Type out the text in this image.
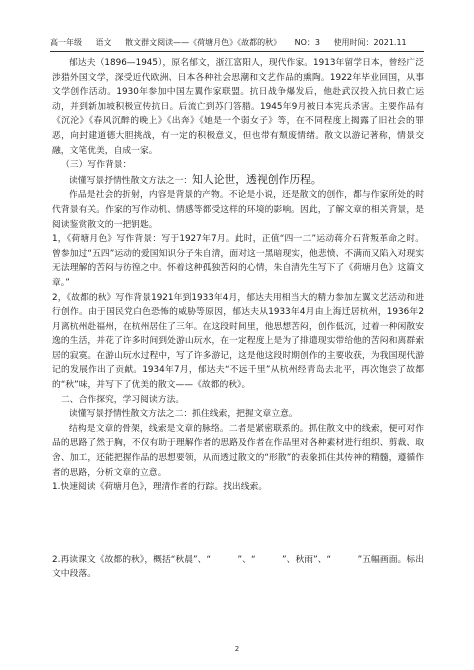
高一年级 语文 散文群文阅读——《荷塘月色》《故都的秋》 NO：3 使用时间：2021.11

郁达夫（1896—1945），原名郁文，浙江富阳人，现代作家。1913年留学日本，曾经广泛涉猎外国文学，深受近代欧洲、日本各种社会思潮和文艺作品的熏陶。1922年毕业回国，从事文学创作活动。1930年参加中国左翼作家联盟。抗日战争爆发后，他赴武汉投入抗日救亡运动，并到新加坡积极宣传抗日。后流亡到苏门答腊。1945年9月被日本宪兵杀害。主要作品有《沉沦》《春风沉醉的晚上》《出奔》《她是一个弱女子》等，在不同程度上揭露了旧社会的罪恶，向封建道德大胆挑战，有一定的积极意义，但也带有颓废情绪。散文以游记著称，情景交融，文笔优美，自成一家。

（三）写作背景：

读懂写景抒情性散文方法之一：知人论世，透视创作历程。

作品是社会的折射，内容是背景的产物。不论是小说，还是散文的创作，都与作家所处的时代背景有关。作家的写作动机、情感等都受这样的环境的影响。因此，了解文章的相关背景，是阅读鉴赏散文的一把钥匙。

1，《荷塘月色》写作背景：写于1927年7月。此时，正值“四一二”运动蒋介石背叛革命之时。曾参加过“五四”运动的爱国知识分子朱自清，面对这一黑暗现实，他悲愤、不满而又陷入对现实无法理解的苦闷与彷徨之中。怀着这种孤独苦闷的心情，朱自清先生写下了《荷塘月色》这篇文章。”

2，《故都的秋》写作背景1921年到1933年4月，郁达夫用相当大的精力参加左翼文艺活动和进行创作。由于国民党白色恐怖的威胁等原因，郁达夫从1933年4月由上海迁居杭州，1936年2月离杭州赴福州，在杭州居住了三年。在这段时间里，他思想苦闷，创作低沉，过着一种闲散安逸的生活，并花了许多时间到处游山玩水，在一定程度上是为了排遣现实带给他的苦闷和离群索居的寂寞。在游山玩水过程中，写了许多游记，这是他这段时期创作的主要收获，为我国现代游记的发展作出了贡献。1934年7月，郁达夫“不远千里”从杭州经青岛去北平，再次饱尝了故都的“秋”味，并写下了优美的散文——《故都的秋》。

二、合作探究，学习阅读方法。

读懂写景抒情性散文方法之二：抓住线索，把握文章立意。

结构是文章的骨架，线索是文章的脉络。二者是紧密联系的。抓住散文中的线索，便可对作品的思路了然于胸，不仅有助于理解作者的思路及作者在作品里对各种素材进行组织、剪裁、取舍、加工，还能把握作品的思想要领，从而透过散文的“形散”的表象抓住其传神的精髓，遵循作者的思路，分析文章的立意。

1.快速阅读《荷塘月色》，理清作者的行踪。找出线索。

2.再读课文《故都的秋》，概括“秋晨”、“　　　”、“　　　”、秋雨”、“　　　”五幅画面。标出文中段落。

2
